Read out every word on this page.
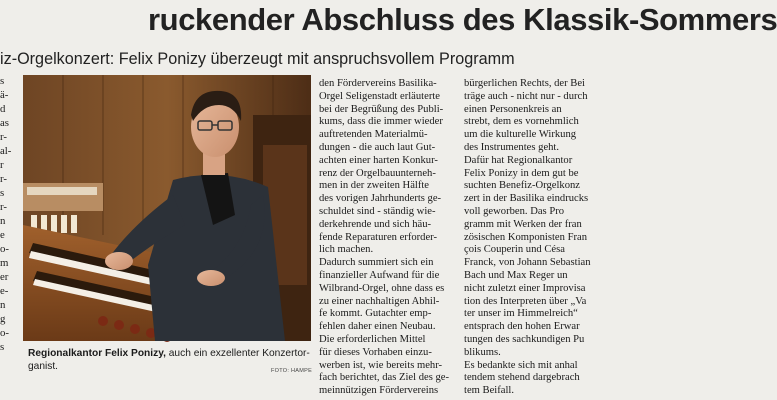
ruckender Abschluss des Klassik-Sommers
iz-Orgelkonzert: Felix Ponizy überzeugt mit anspruchsvollem Programm

s

ä-

d

as

r-

al-

r

r-

s

r-

n

e

o-

m

er

e-

n

g

o-

s

Regionalkantor Felix Ponizy, auch ein exzellenter Konzertor-
ganist.	FOTO: HAMPE

den Fördervereins Basilika-

Orgel Seligenstadt erläuterte

bei der Begrüßung des Publi-

kums, dass die immer wieder

auftretenden Materialmü-

dungen - die auch laut Gut-

achten einer harten Konkur-

renz der Orgelbauunterneh-

men in der zweiten Hälfte

des vorigen Jahrhunderts ge-

schuldet sind - ständig wie-

derkehrende und sich häu-

fende Reparaturen erforder-

lich machen.

Dadurch summiert sich ein

finanzieller Aufwand für die

Wilbrand-Orgel, ohne dass es

zu einer nachhaltigen Abhil-

fe kommt. Gutachter emp-

fehlen daher einen Neubau.

Die erforderlichen Mittel

für dieses Vorhaben einzu-

werben ist, wie bereits mehr-

fach berichtet, das Ziel des ge-

meinnützigen Fördervereins

bürgerlichen Rechts, der Bei

träge auch - nicht nur - durch

einen Personenkreis an

strebt, dem es vornehmlich

um die kulturelle Wirkung

des Instrumentes geht.

Dafür hat Regionalkantor

Felix Ponizy in dem gut be

suchten Benefiz-Orgelkonz

zert in der Basilika eindrucks

voll geworben. Das Pro

gramm mit Werken der fran

zösischen Komponisten Fran

çois Couperin und Césa

Franck, von Johann Sebastian

Bach und Max Reger un

nicht zuletzt einer Improvisa

tion des Interpreten über „Va

ter unser im Himmelreich“

entsprach den hohen Erwar

tungen des sachkundigen Pu

blikums.

Es bedankte sich mit anhal

tendem stehend dargebrach

tem Beifall.
